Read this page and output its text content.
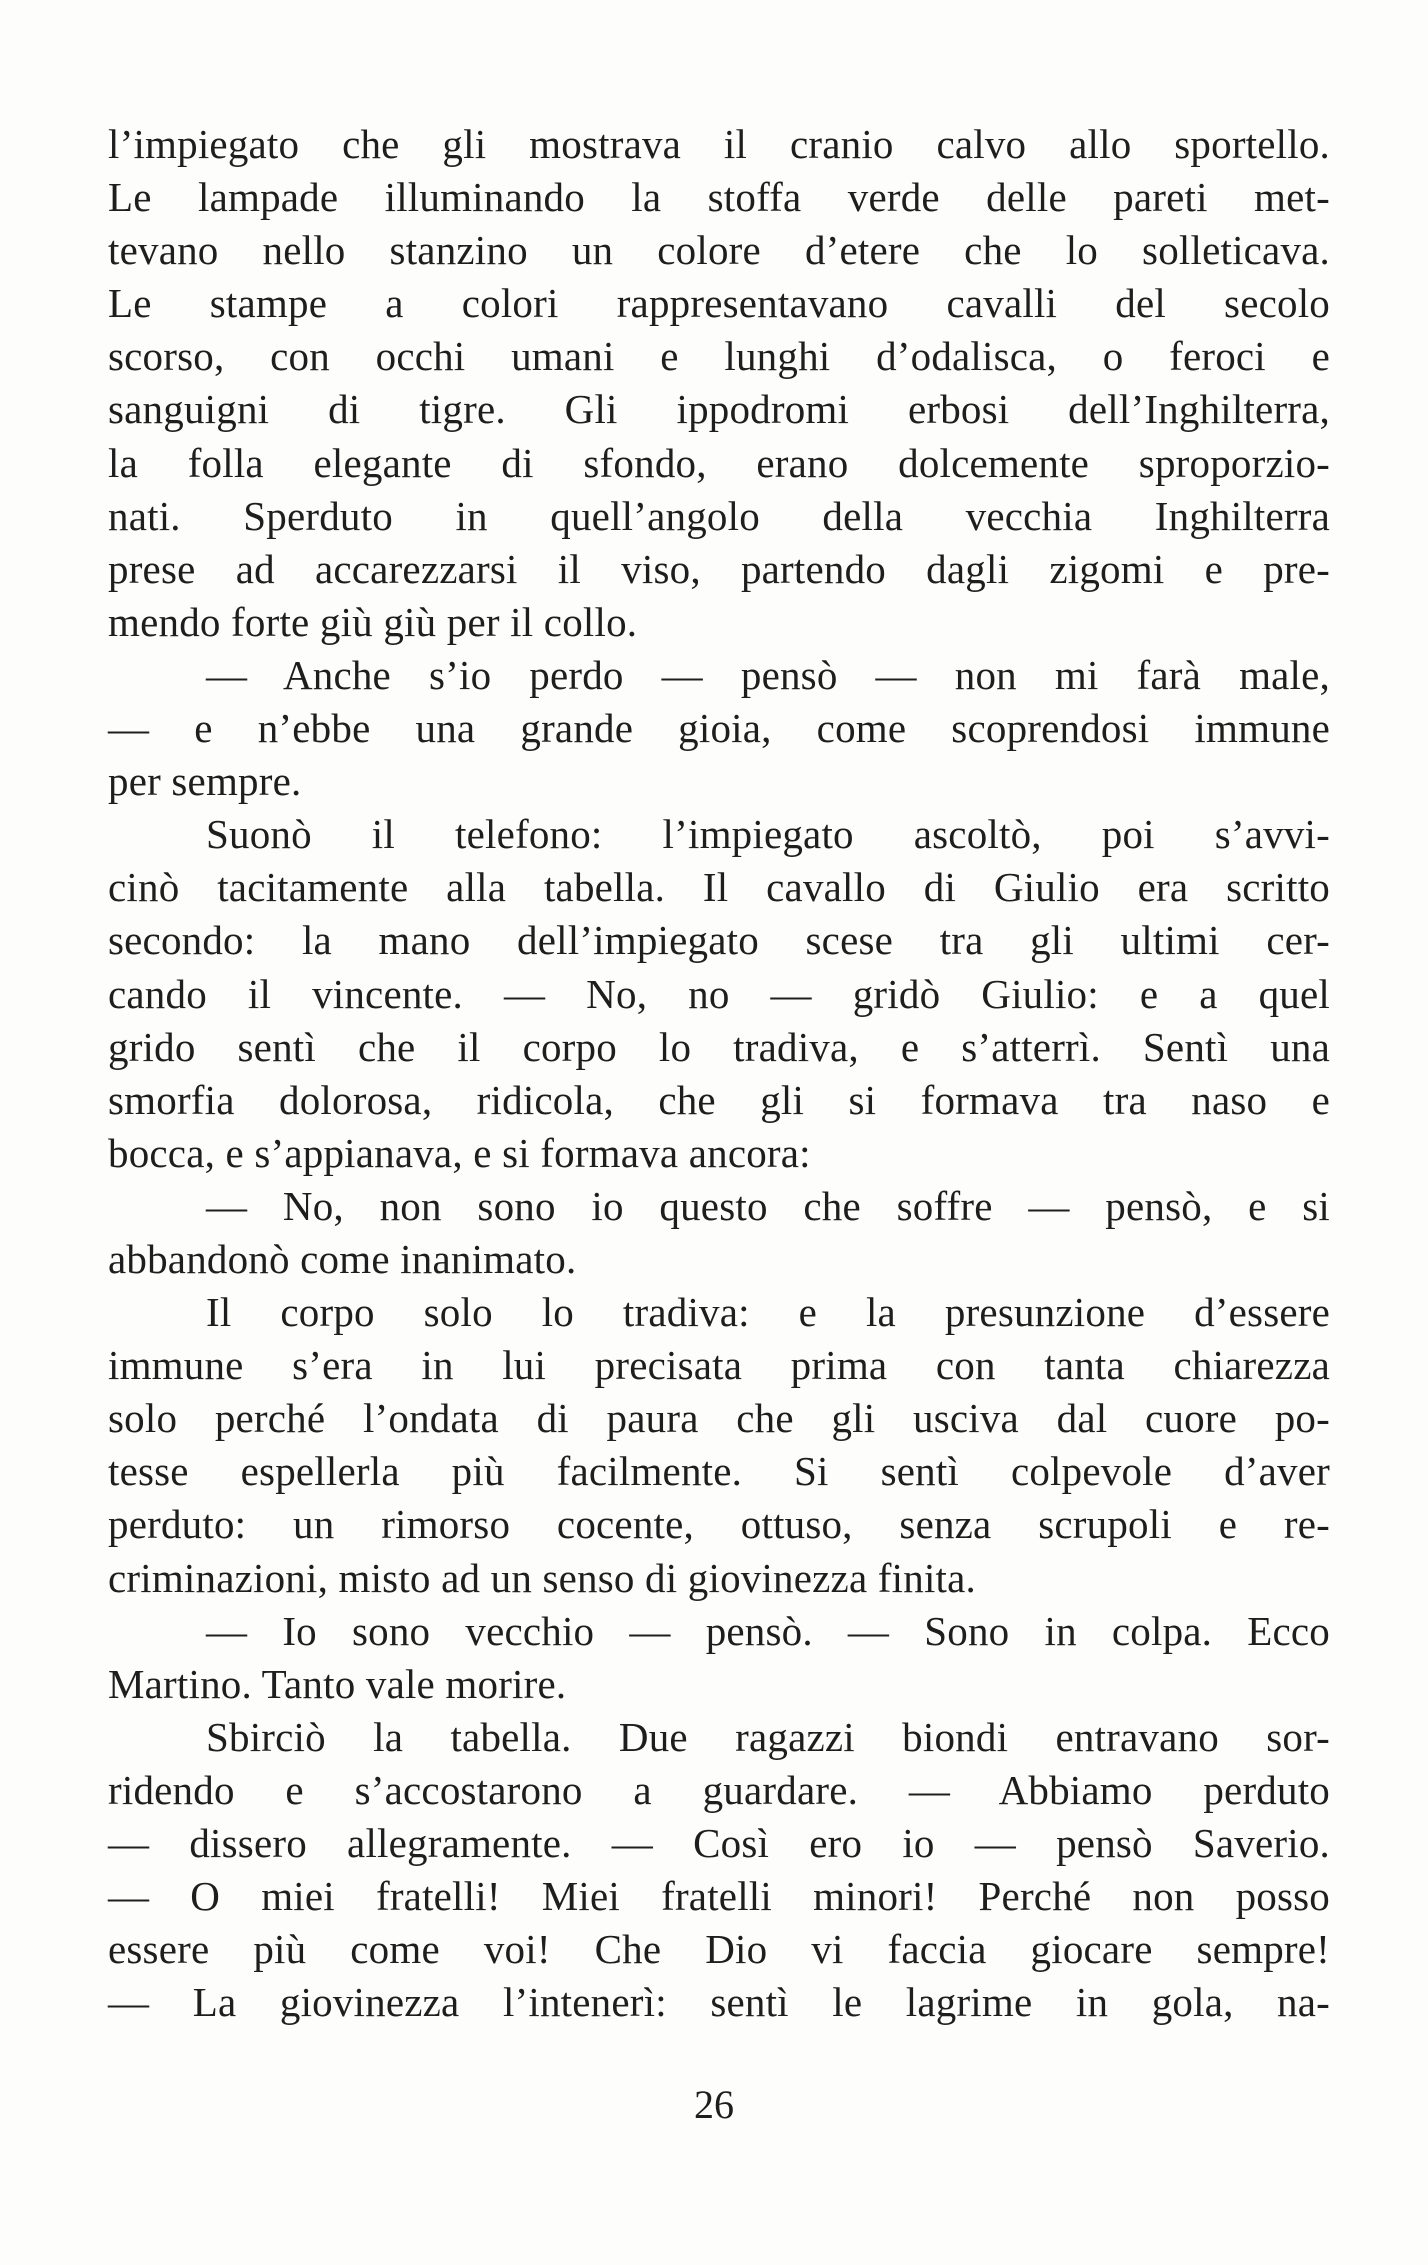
l’impiegato che gli mostrava il cranio calvo allo sportello.
Le lampade illuminando la stoffa verde delle pareti met-
tevano nello stanzino un colore d’etere che lo solleticava.
Le stampe a colori rappresentavano cavalli del secolo
scorso, con occhi umani e lunghi d’odalisca, o feroci e
sanguigni di tigre. Gli ippodromi erbosi dell’Inghilterra,
la folla elegante di sfondo, erano dolcemente sproporzio-
nati. Sperduto in quell’angolo della vecchia Inghilterra
prese ad accarezzarsi il viso, partendo dagli zigomi e pre-
mendo forte giù giù per il collo.
— Anche s’io perdo — pensò — non mi farà male,
— e n’ebbe una grande gioia, come scoprendosi immune
per sempre.
Suonò il telefono: l’impiegato ascoltò, poi s’avvi-
cinò tacitamente alla tabella. Il cavallo di Giulio era scritto
secondo: la mano dell’impiegato scese tra gli ultimi cer-
cando il vincente. — No, no — gridò Giulio: e a quel
grido sentì che il corpo lo tradiva, e s’atterrì. Sentì una
smorfia dolorosa, ridicola, che gli si formava tra naso e
bocca, e s’appianava, e si formava ancora:
— No, non sono io questo che soffre — pensò, e si
abbandonò come inanimato.
Il corpo solo lo tradiva: e la presunzione d’essere
immune s’era in lui precisata prima con tanta chiarezza
solo perché l’ondata di paura che gli usciva dal cuore po-
tesse espellerla più facilmente. Si sentì colpevole d’aver
perduto: un rimorso cocente, ottuso, senza scrupoli e re-
criminazioni, misto ad un senso di giovinezza finita.
— Io sono vecchio — pensò. — Sono in colpa. Ecco
Martino. Tanto vale morire.
Sbirciò la tabella. Due ragazzi biondi entravano sor-
ridendo e s’accostarono a guardare. — Abbiamo perduto
— dissero allegramente. — Così ero io — pensò Saverio.
— O miei fratelli! Miei fratelli minori! Perché non posso
essere più come voi! Che Dio vi faccia giocare sempre!
— La giovinezza l’intenerì: sentì le lagrime in gola, na-
26
